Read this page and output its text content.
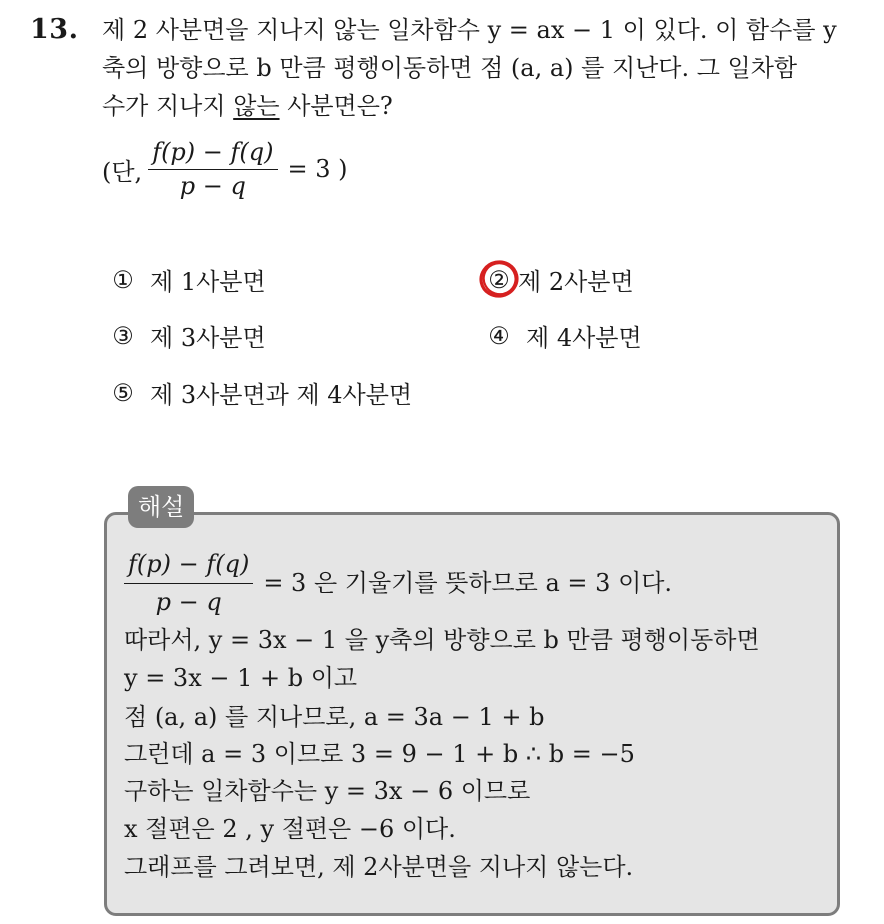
13. 제 2 사분면을 지나지 않는 일차함수 y = ax − 1 이 있다. 이 함수를 y
축의 방향으로 b 만큼 평행이동하면 점 (a, a) 를 지난다. 그 일차함
수가 지나지 않는 사분면은?
(단, $\frac{f(p) - f(q)}{p - q} = 3$ )
① 제 1사분면	② 제 2사분면
③ 제 3사분면	④ 제 4사분면
⑤ 제 3사분면과 제 4사분면
해설
$\frac{f(p) - f(q)}{p - q} = 3$ 은 기울기를 뜻하므로 a = 3 이다.
따라서, y = 3x − 1 을 y축의 방향으로 b 만큼 평행이동하면
y = 3x − 1 + b 이고
점 (a, a) 를 지나므로, a = 3a − 1 + b
그런데 a = 3 이므로 3 = 9 − 1 + b ∴ b = −5
구하는 일차함수는 y = 3x − 6 이므로
x 절편은 2 , y 절편은 −6 이다.
그래프를 그려보면, 제 2사분면을 지나지 않는다.
